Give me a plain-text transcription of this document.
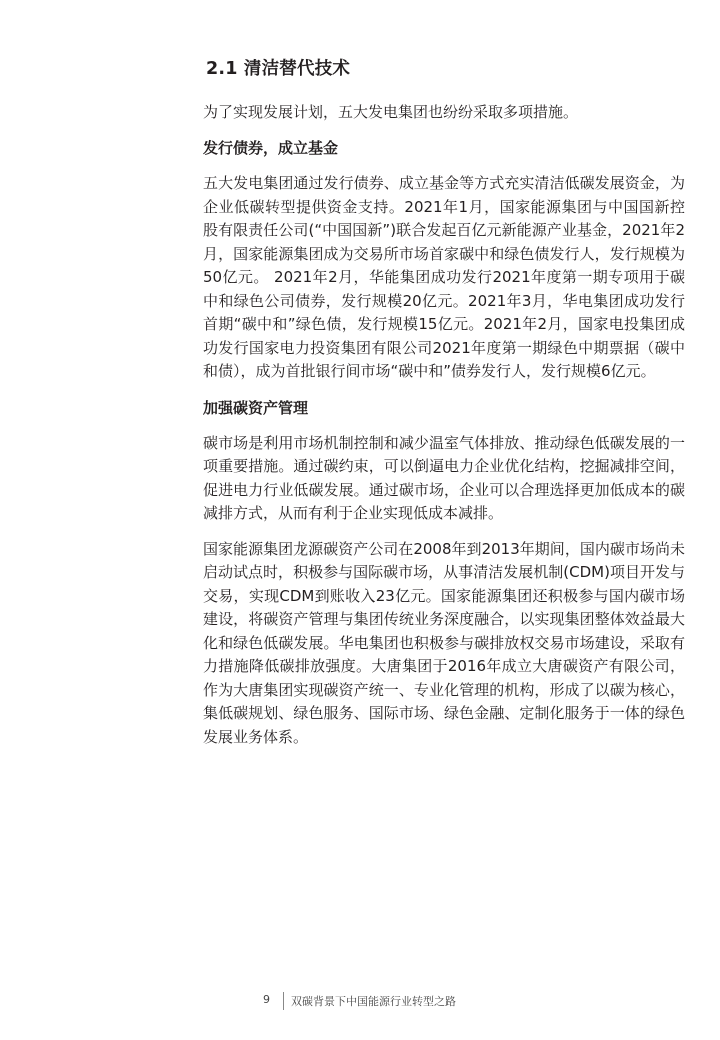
2.1 清洁替代技术

为了实现发展计划，五大发电集团也纷纷采取多项措施。

发行债券，成立基金

五大发电集团通过发行债券、成立基金等方式充实清洁低碳发展资金，为企业低碳转型提供资金支持。2021年1月，国家能源集团与中国国新控股有限责任公司(“中国国新”)联合发起百亿元新能源产业基金，2021年2月，国家能源集团成为交易所市场首家碳中和绿色债发行人，发行规模为50亿元。 2021年2月，华能集团成功发行2021年度第一期专项用于碳中和绿色公司债券，发行规模20亿元。2021年3月，华电集团成功发行首期“碳中和”绿色债，发行规模15亿元。2021年2月，国家电投集团成功发行国家电力投资集团有限公司2021年度第一期绿色中期票据（碳中和债），成为首批银行间市场“碳中和”债券发行人，发行规模6亿元。

加强碳资产管理

碳市场是利用市场机制控制和减少温室气体排放、推动绿色低碳发展的一项重要措施。通过碳约束，可以倒逼电力企业优化结构，挖掘减排空间，促进电力行业低碳发展。通过碳市场，企业可以合理选择更加低成本的碳减排方式，从而有利于企业实现低成本减排。

国家能源集团龙源碳资产公司在2008年到2013年期间，国内碳市场尚未启动试点时，积极参与国际碳市场，从事清洁发展机制(CDM)项目开发与交易，实现CDM到账收入23亿元。国家能源集团还积极参与国内碳市场建设，将碳资产管理与集团传统业务深度融合，以实现集团整体效益最大化和绿色低碳发展。华电集团也积极参与碳排放权交易市场建设，采取有力措施降低碳排放强度。大唐集团于2016年成立大唐碳资产有限公司，作为大唐集团实现碳资产统一、专业化管理的机构，形成了以碳为核心，集低碳规划、绿色服务、国际市场、绿色金融、定制化服务于一体的绿色发展业务体系。

9 双碳背景下中国能源行业转型之路
